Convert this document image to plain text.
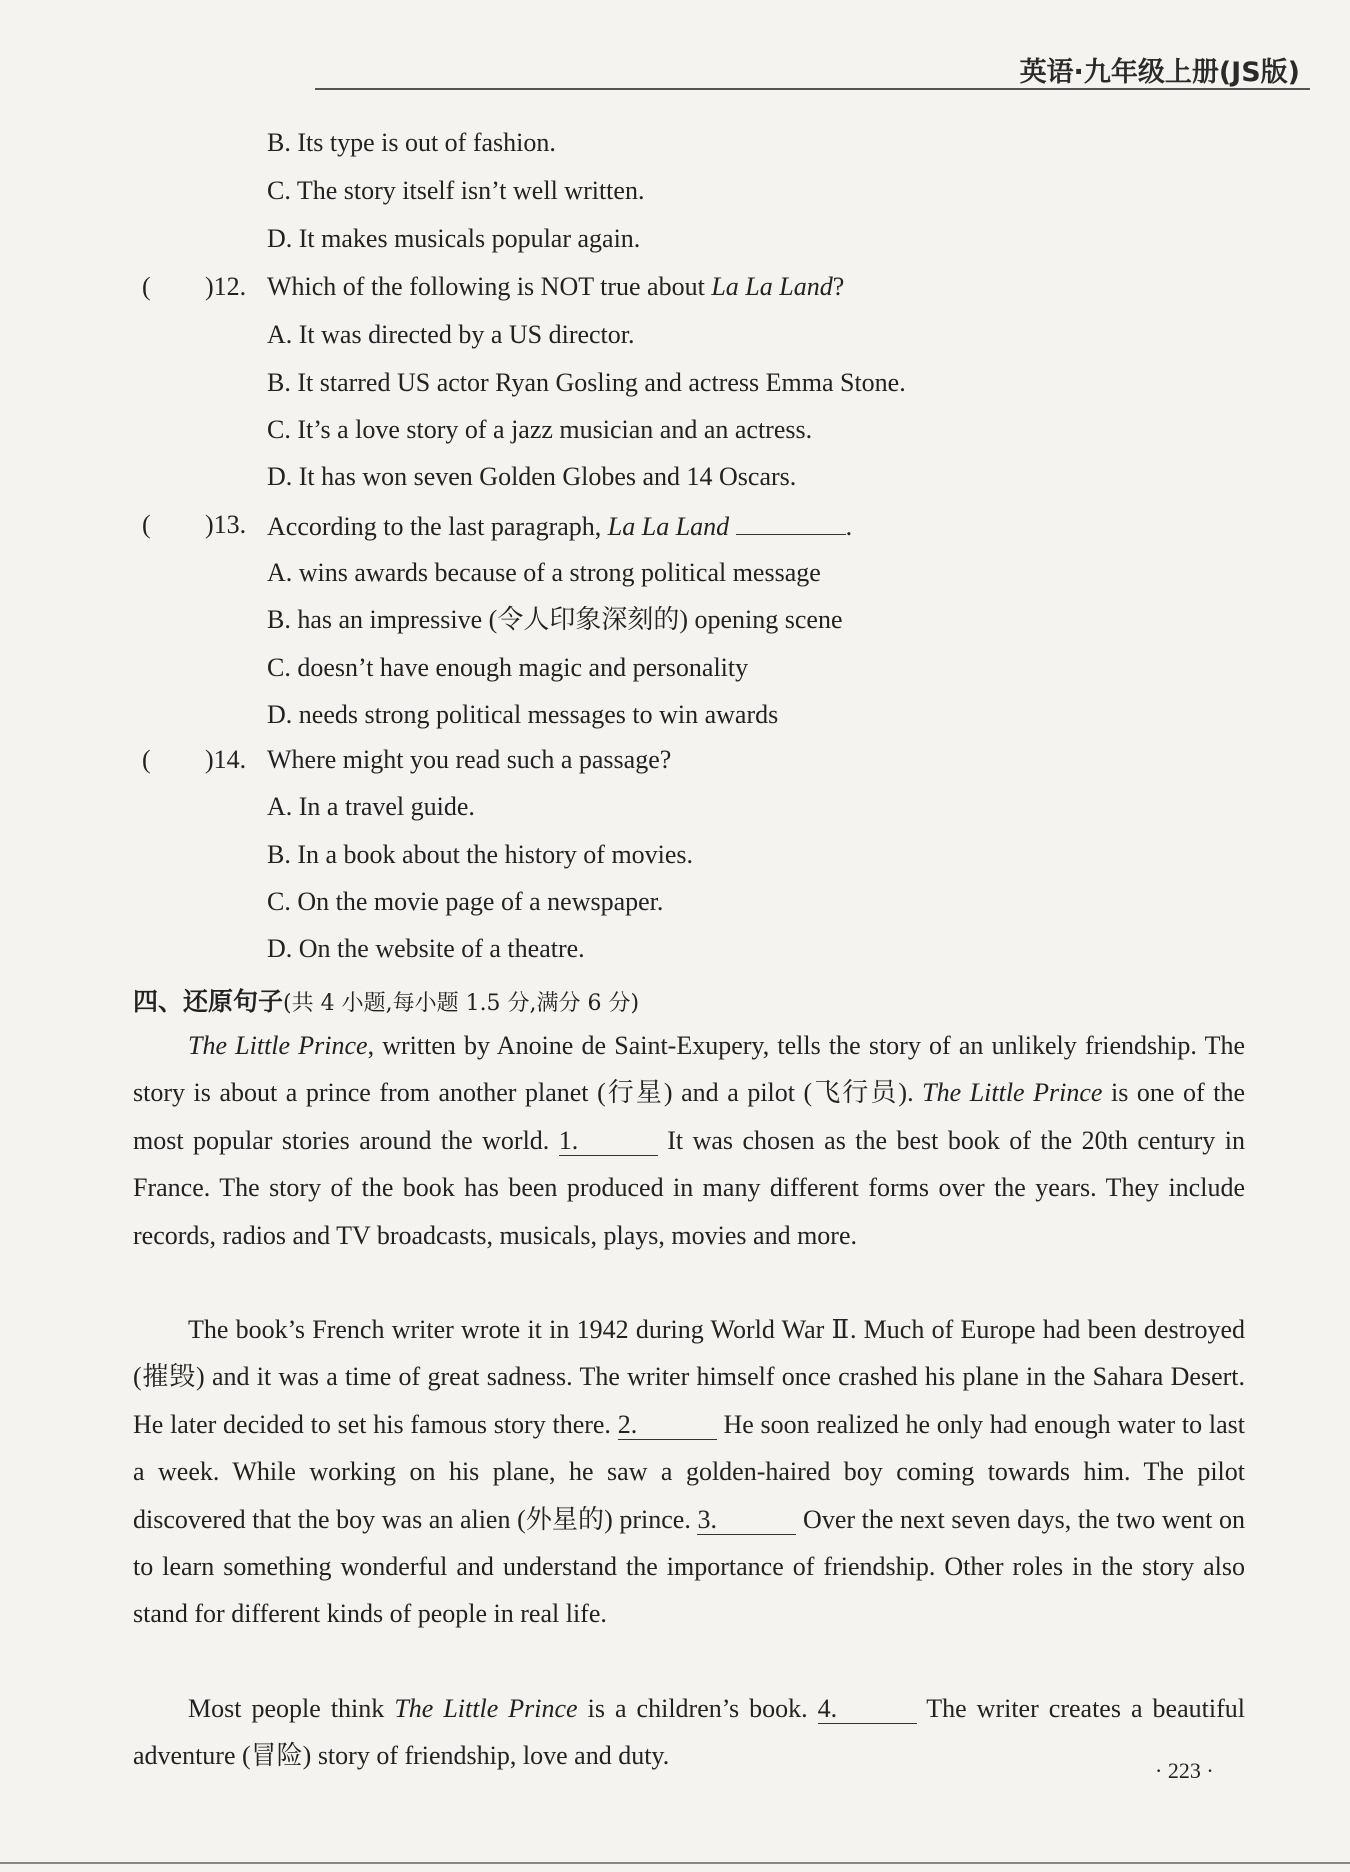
英语·九年级上册(JS版)
B. Its type is out of fashion.
C. The story itself isn’t well written.
D. It makes musicals popular again.
( )12. Which of the following is NOT true about La La Land?
A. It was directed by a US director.
B. It starred US actor Ryan Gosling and actress Emma Stone.
C. It’s a love story of a jazz musician and an actress.
D. It has won seven Golden Globes and 14 Oscars.
( )13. According to the last paragraph, La La Land	.
A. wins awards because of a strong political message
B. has an impressive (令人印象深刻的) opening scene
C. doesn’t have enough magic and personality
D. needs strong political messages to win awards
( )14. Where might you read such a passage?
A. In a travel guide.
B. In a book about the history of movies.
C. On the movie page of a newspaper.
D. On the website of a theatre.
四、还原句子(共 4 小题,每小题 1.5 分,满分 6 分)
The Little Prince, written by Anoine de Saint-Exupery, tells the story of an unlikely friendship. The story is about a prince from another planet (行星) and a pilot (飞行员). The Little Prince is one of the most popular stories around the world. 1.	It was chosen as the best book of the 20th century in France. The story of the book has been produced in many different forms over the years. They include records, radios and TV broadcasts, musicals, plays, movies and more.
The book’s French writer wrote it in 1942 during World War Ⅱ. Much of Europe had been destroyed (摧毁) and it was a time of great sadness. The writer himself once crashed his plane in the Sahara Desert. He later decided to set his famous story there. 2.	He soon realized he only had enough water to last a week. While working on his plane, he saw a golden-haired boy coming towards him. The pilot discovered that the boy was an alien (外星的) prince. 3.	Over the next seven days, the two went on to learn something wonderful and understand the importance of friendship. Other roles in the story also stand for different kinds of people in real life.
Most people think The Little Prince is a children’s book. 4.	The writer creates a beautiful adventure (冒险) story of friendship, love and duty.
· 223 ·
